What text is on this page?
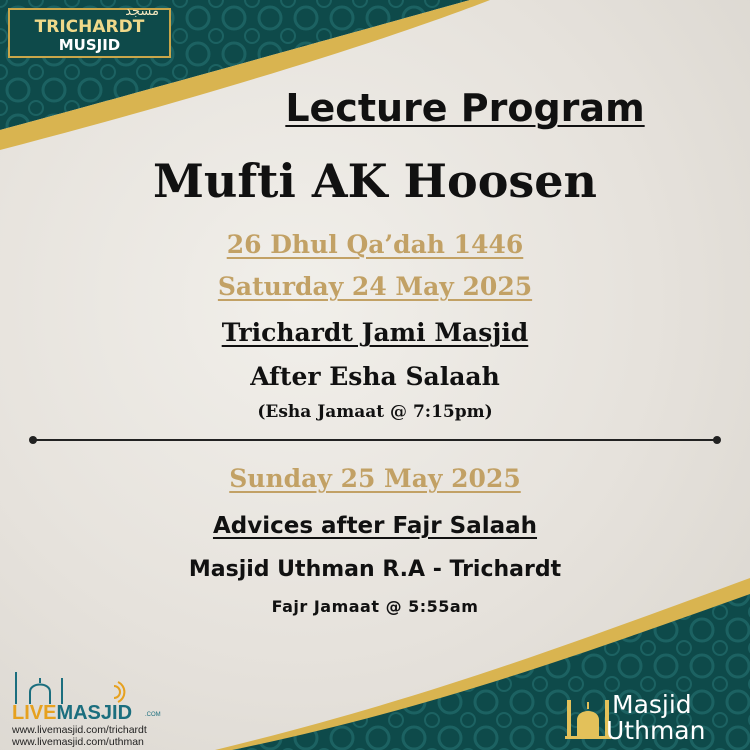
مسجد
TRICHARDT
MUSJID
Lecture Program
Mufti AK Hoosen
26 Dhul Qa’dah 1446
Saturday 24 May 2025
Trichardt Jami Masjid
After Esha Salaah
(Esha Jamaat @ 7:15pm)
Sunday 25 May 2025
Advices after Fajr Salaah
Masjid Uthman R.A - Trichardt
Fajr Jamaat @ 5:55am
LIVEMASJID .COM
www.livemasjid.com/trichardt
www.livemasjid.com/uthman
Masjid
Uthman
